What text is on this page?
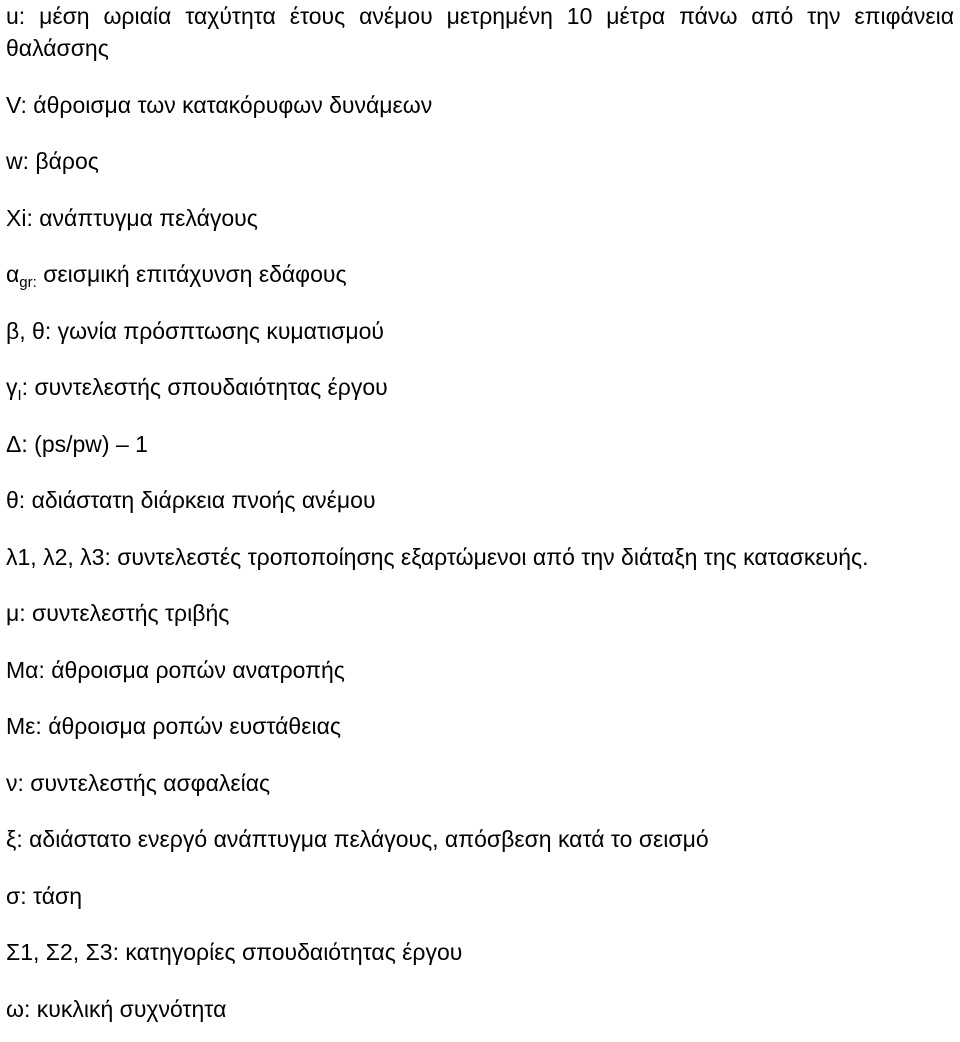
u: μέση ωριαία ταχύτητα έτους ανέμου μετρημένη 10 μέτρα πάνω από την επιφάνεια θαλάσσης

V: άθροισμα των κατακόρυφων δυνάμεων

w: βάρος

Xi: ανάπτυγμα πελάγους

$\alpha_{gr:}$ σεισμική επιτάχυνση εδάφους

β, θ: γωνία πρόσπτωσης κυματισμού

$\gamma_I$: συντελεστής σπουδαιότητας έργου

Δ: (ps/pw) – 1

θ: αδιάστατη διάρκεια πνοής ανέμου

λ1, λ2, λ3: συντελεστές τροποποίησης εξαρτώμενοι από την διάταξη της κατασκευής.

μ: συντελεστής τριβής

Μα: άθροισμα ροπών ανατροπής

Με: άθροισμα ροπών ευστάθειας

ν: συντελεστής ασφαλείας

ξ: αδιάστατο ενεργό ανάπτυγμα πελάγους, απόσβεση κατά το σεισμό

σ: τάση

Σ1, Σ2, Σ3: κατηγορίες σπουδαιότητας έργου

ω: κυκλική συχνότητα
